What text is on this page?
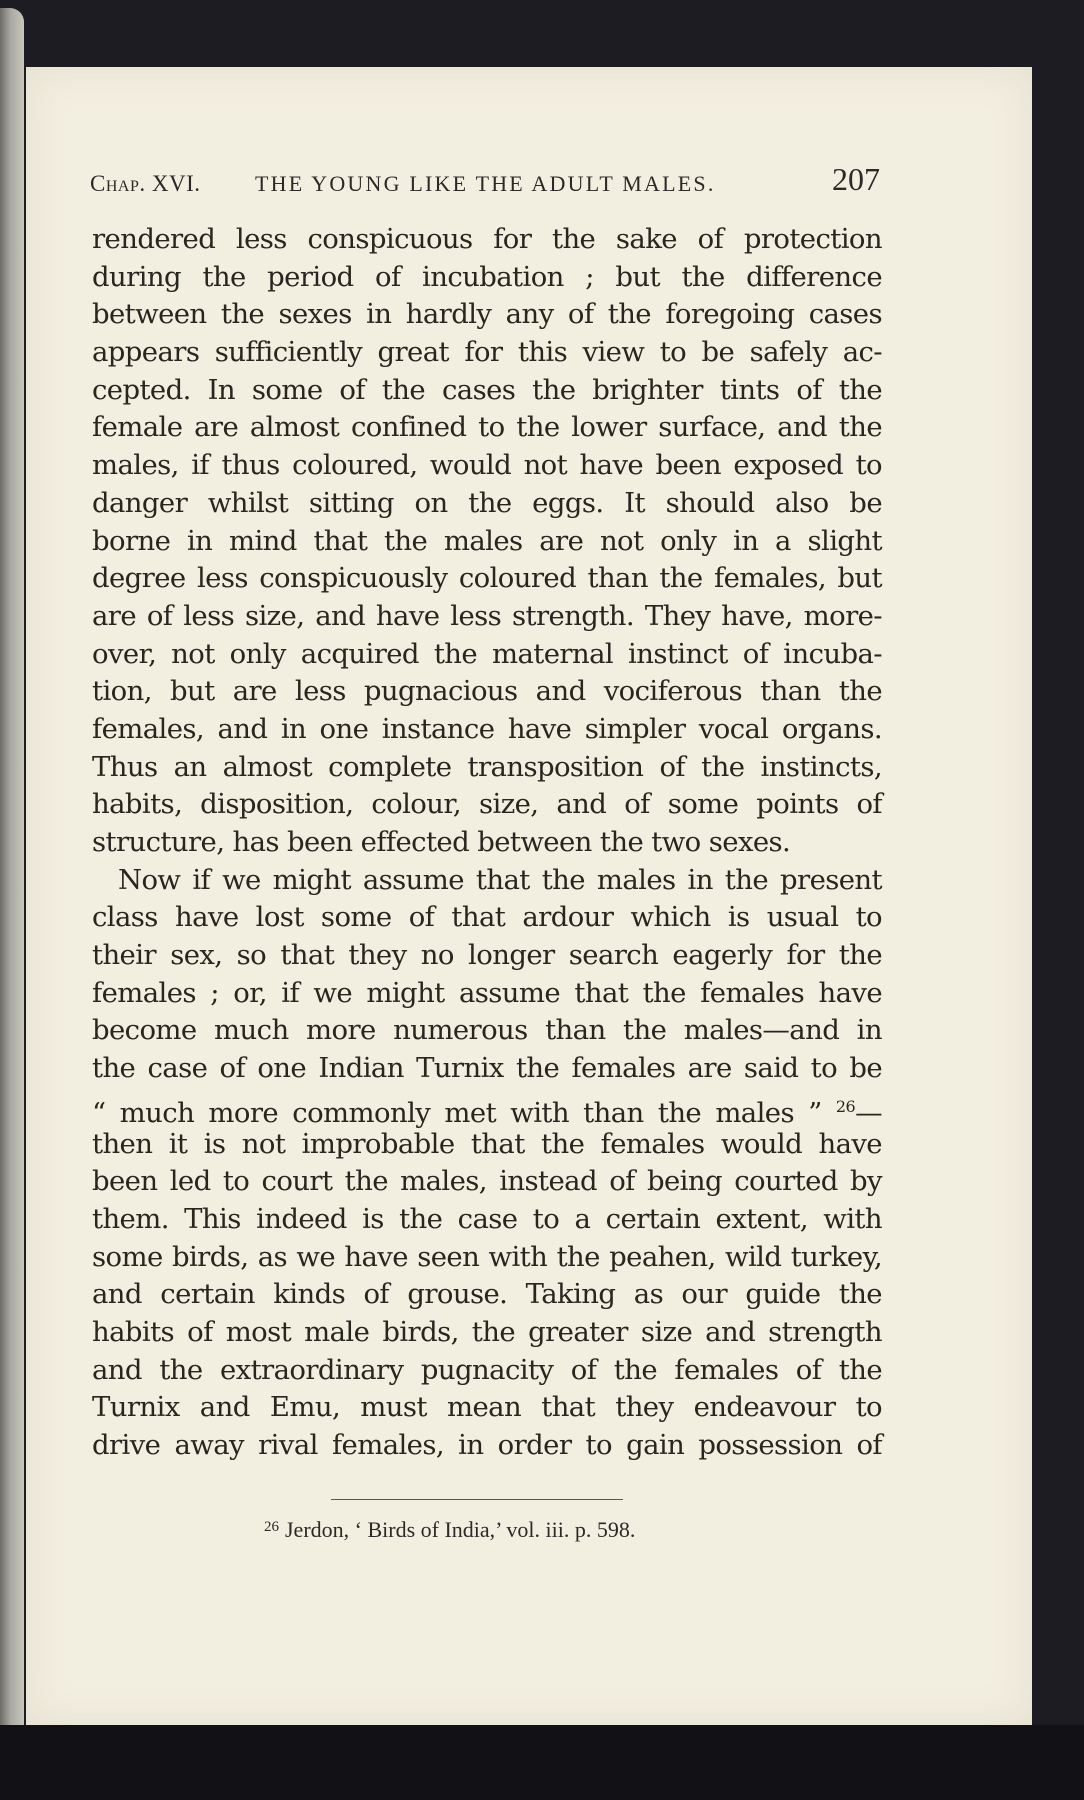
Chap. XVI. THE YOUNG LIKE THE ADULT MALES.	207
rendered less conspicuous for the sake of protection
during the period of incubation ; but the difference
between the sexes in hardly any of the foregoing cases
appears sufficiently great for this view to be safely ac-
cepted. In some of the cases the brighter tints of the
female are almost confined to the lower surface, and the
males, if thus coloured, would not have been exposed to
danger whilst sitting on the eggs. It should also be
borne in mind that the males are not only in a slight
degree less conspicuously coloured than the females, but
are of less size, and have less strength. They have, more-
over, not only acquired the maternal instinct of incuba-
tion, but are less pugnacious and vociferous than the
females, and in one instance have simpler vocal organs.
Thus an almost complete transposition of the instincts,
habits, disposition, colour, size, and of some points of
structure, has been effected between the two sexes.
Now if we might assume that the males in the present
class have lost some of that ardour which is usual to
their sex, so that they no longer search eagerly for the
females ; or, if we might assume that the females have
become much more numerous than the males—and in
the case of one Indian Turnix the females are said to be
“ much more commonly met with than the males ” $^{26}$—
then it is not improbable that the females would have
been led to court the males, instead of being courted by
them. This indeed is the case to a certain extent, with
some birds, as we have seen with the peahen, wild turkey,
and certain kinds of grouse. Taking as our guide the
habits of most male birds, the greater size and strength
and the extraordinary pugnacity of the females of the
Turnix and Emu, must mean that they endeavour to
drive away rival females, in order to gain possession of
$^{26}$ Jerdon, ‘ Birds of India,’ vol. iii. p. 598.
